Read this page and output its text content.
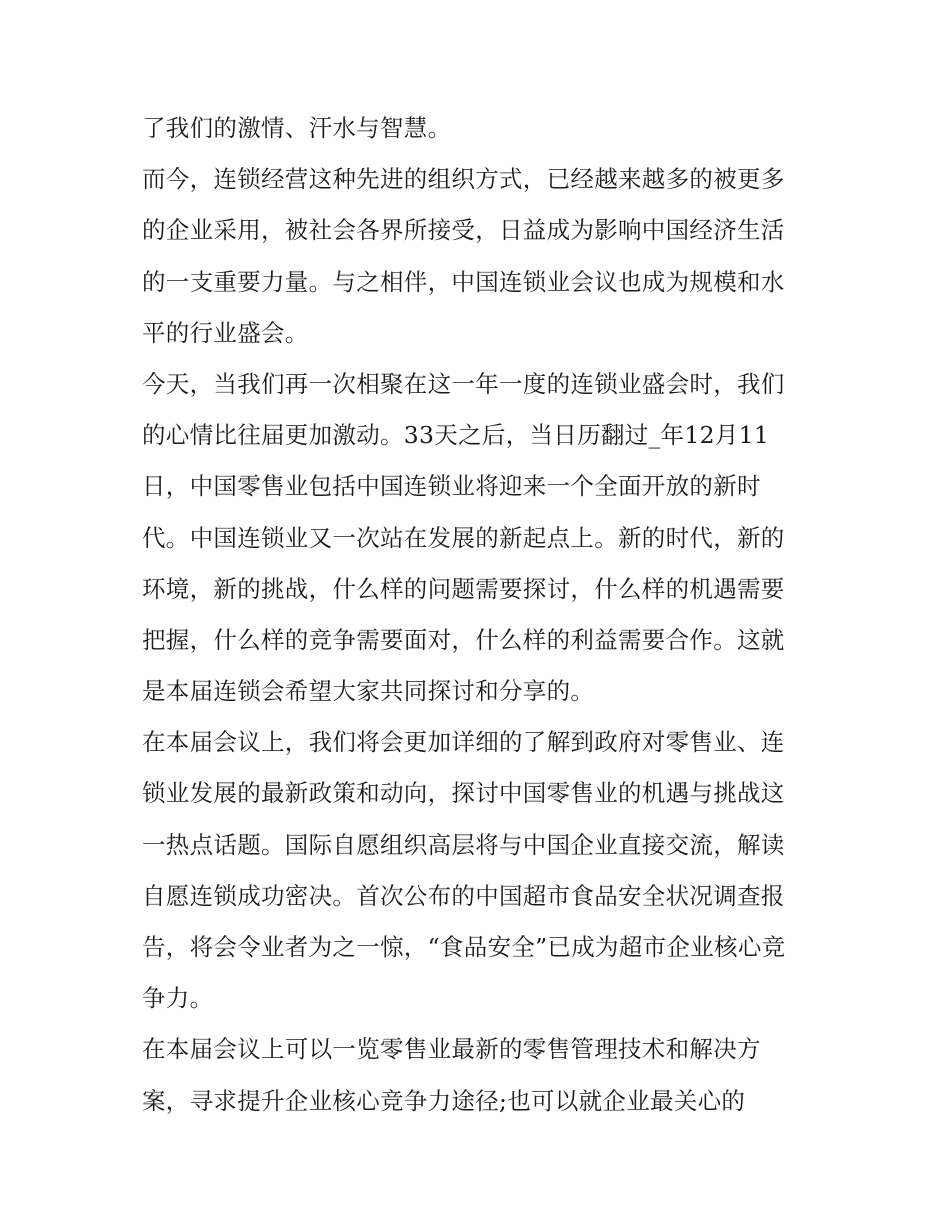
了我们的激情、汗水与智慧。
而今，连锁经营这种先进的组织方式，已经越来越多的被更多
的企业采用，被社会各界所接受，日益成为影响中国经济生活
的一支重要力量。与之相伴，中国连锁业会议也成为规模和水
平的行业盛会。
今天，当我们再一次相聚在这一年一度的连锁业盛会时，我们
的心情比往届更加激动。33天之后，当日历翻过_年12月11
日，中国零售业包括中国连锁业将迎来一个全面开放的新时
代。中国连锁业又一次站在发展的新起点上。新的时代，新的
环境，新的挑战，什么样的问题需要探讨，什么样的机遇需要
把握，什么样的竞争需要面对，什么样的利益需要合作。这就
是本届连锁会希望大家共同探讨和分享的。
在本届会议上，我们将会更加详细的了解到政府对零售业、连
锁业发展的最新政策和动向，探讨中国零售业的机遇与挑战这
一热点话题。国际自愿组织高层将与中国企业直接交流，解读
自愿连锁成功密决。首次公布的中国超市食品安全状况调查报
告，将会令业者为之一惊，“食品安全”已成为超市企业核心竞
争力。
在本届会议上可以一览零售业最新的零售管理技术和解决方
案，寻求提升企业核心竞争力途径;也可以就企业最关心的
